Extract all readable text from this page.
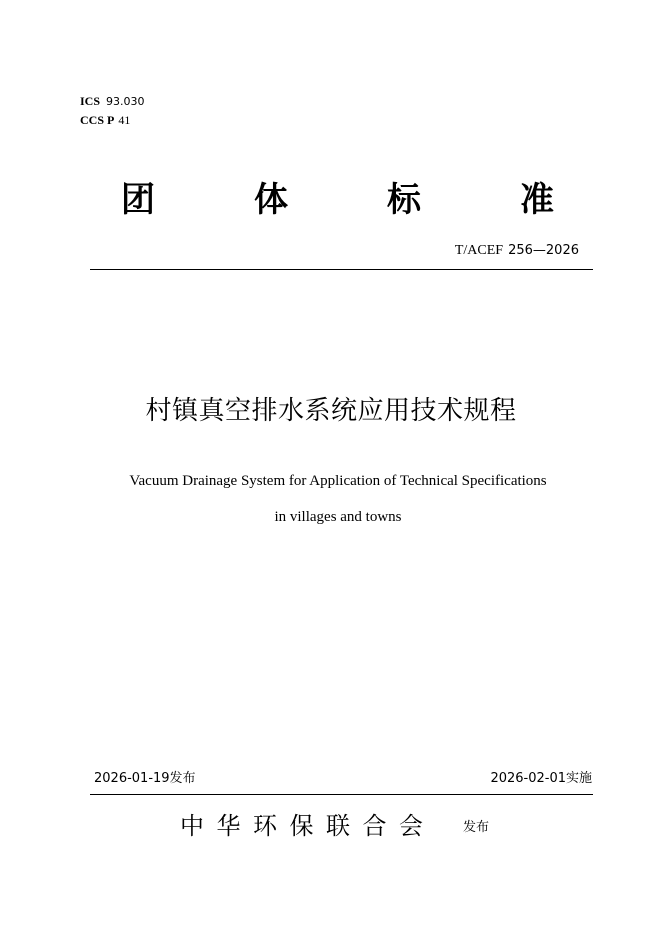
ICS 93.030
CCS P 41
团	体	标	准
T/ACEF 256—2026
村镇真空排水系统应用技术规程
Vacuum Drainage System for Application of Technical Specifications
in villages and towns
2026-01-19发布	2026-02-01实施
中华环保联合会 发布
